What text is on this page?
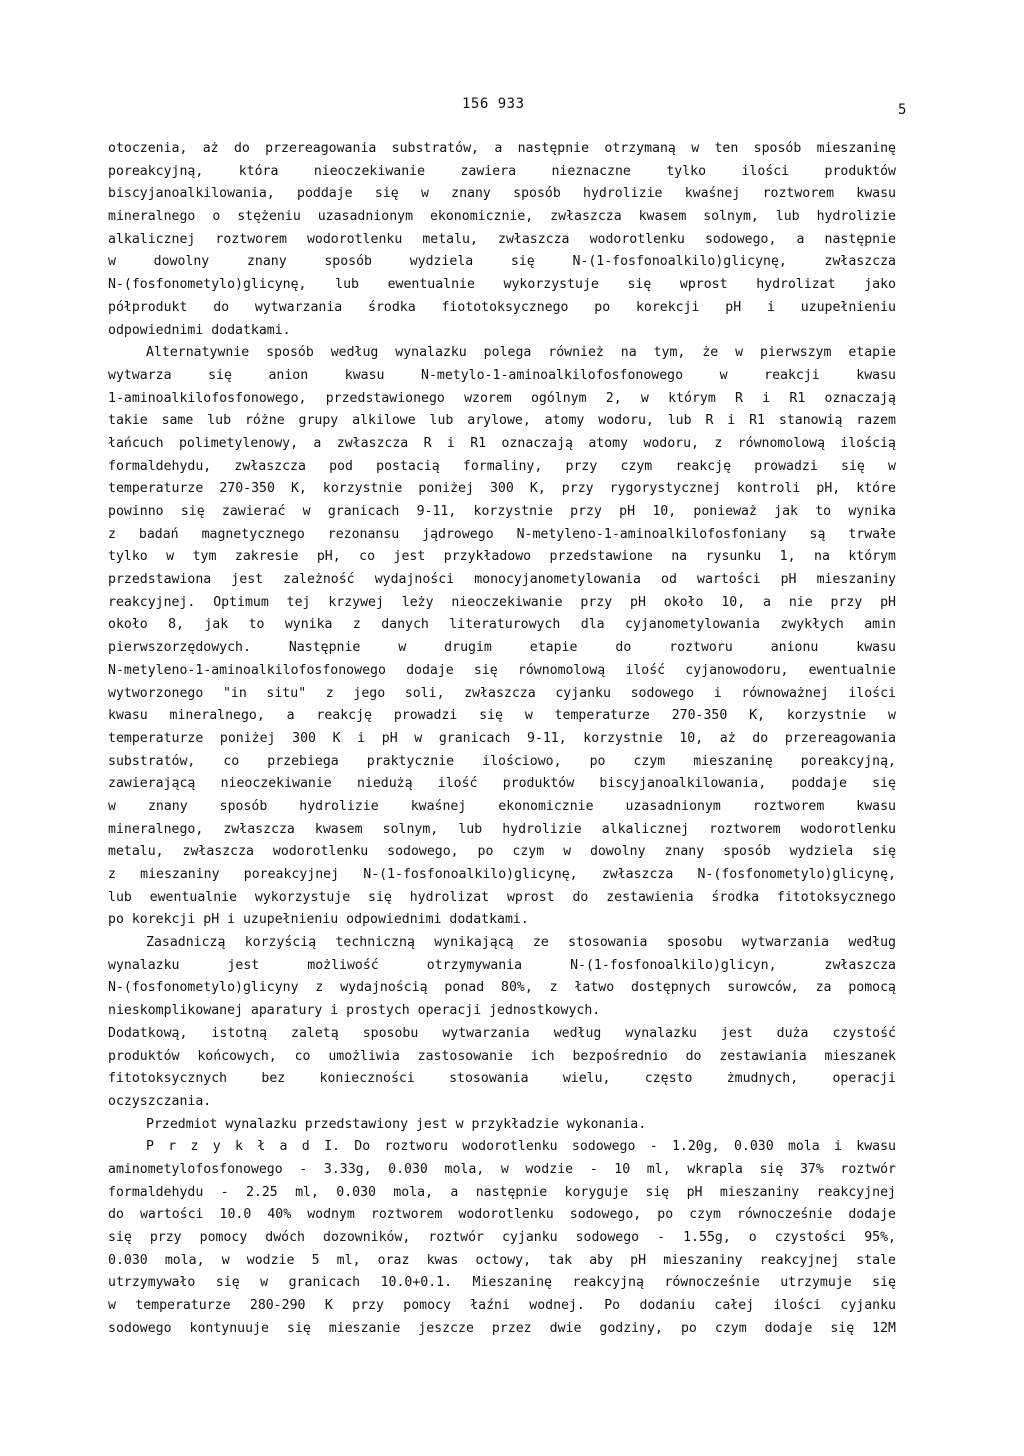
156 933	5
otoczenia, aż do przereagowania substratów, a następnie otrzymaną w ten sposób mieszaninę
poreakcyjną, która nieoczekiwanie zawiera nieznaczne tylko ilości produktów
biscyjanoalkilowania, poddaje się w znany sposób hydrolizie kwaśnej roztworem kwasu
mineralnego o stężeniu uzasadnionym ekonomicznie, zwłaszcza kwasem solnym, lub hydrolizie
alkalicznej roztworem wodorotlenku metalu, zwłaszcza wodorotlenku sodowego, a następnie
w dowolny znany sposób wydziela się N-(1-fosfonoalkilo)glicynę, zwłaszcza
N-(fosfonometylo)glicynę, lub ewentualnie wykorzystuje się wprost hydrolizat jako
półprodukt do wytwarzania środka fiototoksycznego po korekcji pH i uzupełnieniu
odpowiednimi dodatkami.
Alternatywnie sposób według wynalazku polega również na tym, że w pierwszym etapie
wytwarza się anion kwasu N-metylo-1-aminoalkilofosfonowego w reakcji kwasu
1-aminoalkilofosfonowego, przedstawionego wzorem ogólnym 2, w którym R i R1 oznaczają
takie same lub różne grupy alkilowe lub arylowe, atomy wodoru, lub R i R1 stanowią razem
łańcuch polimetylenowy, a zwłaszcza R i R1 oznaczają atomy wodoru, z równomolową ilością
formaldehydu, zwłaszcza pod postacią formaliny, przy czym reakcję prowadzi się w
temperaturze 270-350 K, korzystnie poniżej 300 K, przy rygorystycznej kontroli pH, które
powinno się zawierać w granicach 9-11, korzystnie przy pH 10, ponieważ jak to wynika
z badań magnetycznego rezonansu jądrowego N-metyleno-1-aminoalkilofosfoniany są trwałe
tylko w tym zakresie pH, co jest przykładowo przedstawione na rysunku 1, na którym
przedstawiona jest zależność wydajności monocyjanometylowania od wartości pH mieszaniny
reakcyjnej. Optimum tej krzywej leży nieoczekiwanie przy pH około 10, a nie przy pH
około 8, jak to wynika z danych literaturowych dla cyjanometylowania zwykłych amin
pierwszorzędowych. Następnie w drugim etapie do roztworu anionu kwasu
N-metyleno-1-aminoalkilofosfonowego dodaje się równomolową ilość cyjanowodoru, ewentualnie
wytworzonego "in situ" z jego soli, zwłaszcza cyjanku sodowego i równoważnej ilości
kwasu mineralnego, a reakcję prowadzi się w temperaturze 270-350 K, korzystnie w
temperaturze poniżej 300 K i pH w granicach 9-11, korzystnie 10, aż do przereagowania
substratów, co przebiega praktycznie ilościowo, po czym mieszaninę poreakcyjną,
zawierającą nieoczekiwanie niedużą ilość produktów biscyjanoalkilowania, poddaje się
w znany sposób hydrolizie kwaśnej ekonomicznie uzasadnionym roztworem kwasu
mineralnego, zwłaszcza kwasem solnym, lub hydrolizie alkalicznej roztworem wodorotlenku
metalu, zwłaszcza wodorotlenku sodowego, po czym w dowolny znany sposób wydziela się
z mieszaniny poreakcyjnej N-(1-fosfonoalkilo)glicynę, zwłaszcza N-(fosfonometylo)glicynę,
lub ewentualnie wykorzystuje się hydrolizat wprost do zestawienia środka fitotoksycznego
po korekcji pH i uzupełnieniu odpowiednimi dodatkami.
Zasadniczą korzyścią techniczną wynikającą ze stosowania sposobu wytwarzania według
wynalazku jest możliwość otrzymywania N-(1-fosfonoalkilo)glicyn, zwłaszcza
N-(fosfonometylo)glicyny z wydajnością ponad 80%, z łatwo dostępnych surowców, za pomocą
nieskomplikowanej aparatury i prostych operacji jednostkowych.
Dodatkową, istotną zaletą sposobu wytwarzania według wynalazku jest duża czystość
produktów końcowych, co umożliwia zastosowanie ich bezpośrednio do zestawiania mieszanek
fitotoksycznych bez konieczności stosowania wielu, często żmudnych, operacji
oczyszczania.
Przedmiot wynalazku przedstawiony jest w przykładzie wykonania.
P r z y k ł a d I. Do roztworu wodorotlenku sodowego - 1.20g, 0.030 mola i kwasu
aminometylofosfonowego - 3.33g, 0.030 mola, w wodzie - 10 ml, wkrapla się 37% roztwór
formaldehydu - 2.25 ml, 0.030 mola, a następnie koryguje się pH mieszaniny reakcyjnej
do wartości 10.0 40% wodnym roztworem wodorotlenku sodowego, po czym równocześnie dodaje
się przy pomocy dwóch dozowników, roztwór cyjanku sodowego - 1.55g, o czystości 95%,
0.030 mola, w wodzie 5 ml, oraz kwas octowy, tak aby pH mieszaniny reakcyjnej stale
utrzymywało się w granicach 10.0+0.1. Mieszaninę reakcyjną równocześnie utrzymuje się
w temperaturze 280-290 K przy pomocy łaźni wodnej. Po dodaniu całej ilości cyjanku
sodowego kontynuuje się mieszanie jeszcze przez dwie godziny, po czym dodaje się 12M
